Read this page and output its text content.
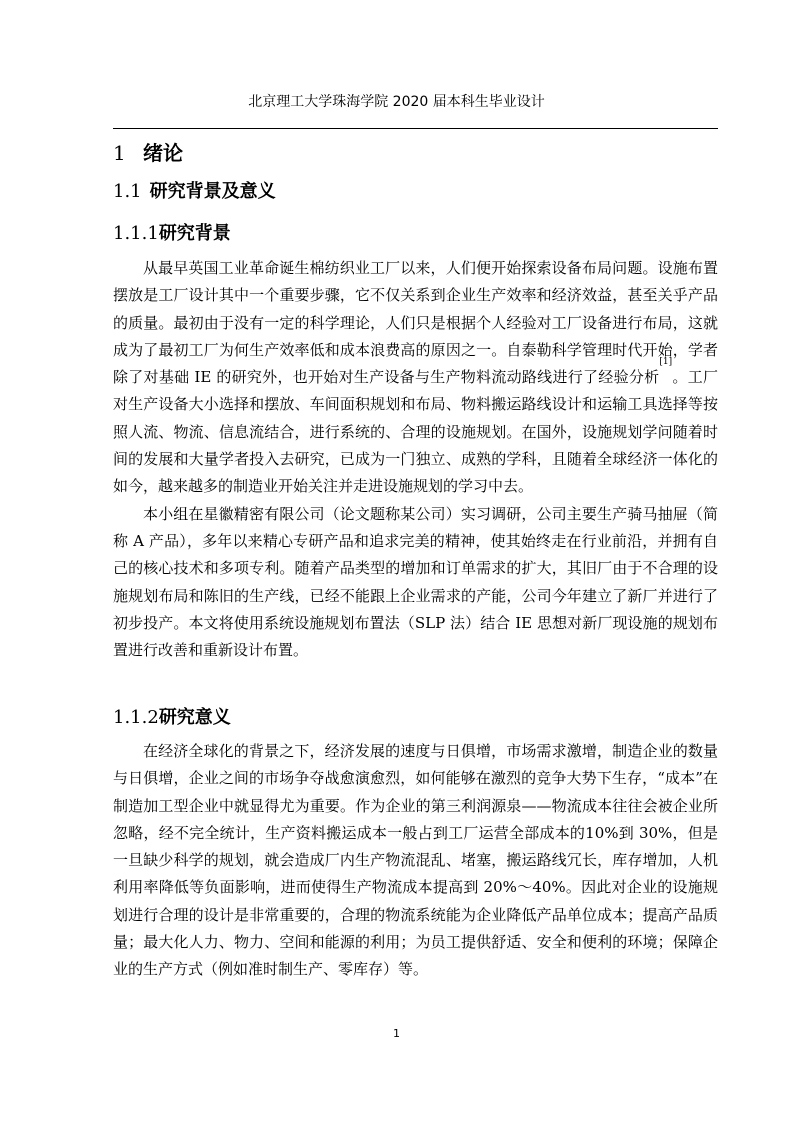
北京理工大学珠海学院 2020 届本科生毕业设计
1 绪论
1.1 研究背景及意义
1.1.1研究背景

从最早英国工业革命诞生棉纺织业工厂以来，人们便开始探索设备布局问题。设施布置摆放是工厂设计其中一个重要步骤，它不仅关系到企业生产效率和经济效益，甚至关乎产品的质量。最初由于没有一定的科学理论，人们只是根据个人经验对工厂设备进行布局，这就成为了最初工厂为何生产效率低和成本浪费高的原因之一。自泰勒科学管理时代开始，学者除了对基础 IE 的研究外，也开始对生产设备与生产物料流动路线进行了经验分析[1]。工厂对生产设备大小选择和摆放、车间面积规划和布局、物料搬运路线设计和运输工具选择等按照人流、物流、信息流结合，进行系统的、合理的设施规划。在国外，设施规划学问随着时间的发展和大量学者投入去研究，已成为一门独立、成熟的学科，且随着全球经济一体化的如今，越来越多的制造业开始关注并走进设施规划的学习中去。

本小组在星徽精密有限公司（论文题称某公司）实习调研，公司主要生产骑马抽屉（简称 A 产品），多年以来精心专研产品和追求完美的精神，使其始终走在行业前沿，并拥有自己的核心技术和多项专利。随着产品类型的增加和订单需求的扩大，其旧厂由于不合理的设施规划布局和陈旧的生产线，已经不能跟上企业需求的产能，公司今年建立了新厂并进行了初步投产。本文将使用系统设施规划布置法（SLP 法）结合 IE 思想对新厂现设施的规划布置进行改善和重新设计布置。

1.1.2研究意义

在经济全球化的背景之下，经济发展的速度与日俱增，市场需求激增，制造企业的数量与日俱增，企业之间的市场争夺战愈演愈烈，如何能够在激烈的竞争大势下生存，“成本”在制造加工型企业中就显得尤为重要。作为企业的第三利润源泉——物流成本往往会被企业所忽略，经不完全统计，生产资料搬运成本一般占到工厂运营全部成本的10%到 30%，但是一旦缺少科学的规划，就会造成厂内生产物流混乱、堵塞，搬运路线冗长，库存增加，人机利用率降低等负面影响，进而使得生产物流成本提高到 20%～40%。因此对企业的设施规划进行合理的设计是非常重要的，合理的物流系统能为企业降低产品单位成本；提高产品质量；最大化人力、物力、空间和能源的利用；为员工提供舒适、安全和便利的环境；保障企业的生产方式（例如准时制生产、零库存）等。

1
